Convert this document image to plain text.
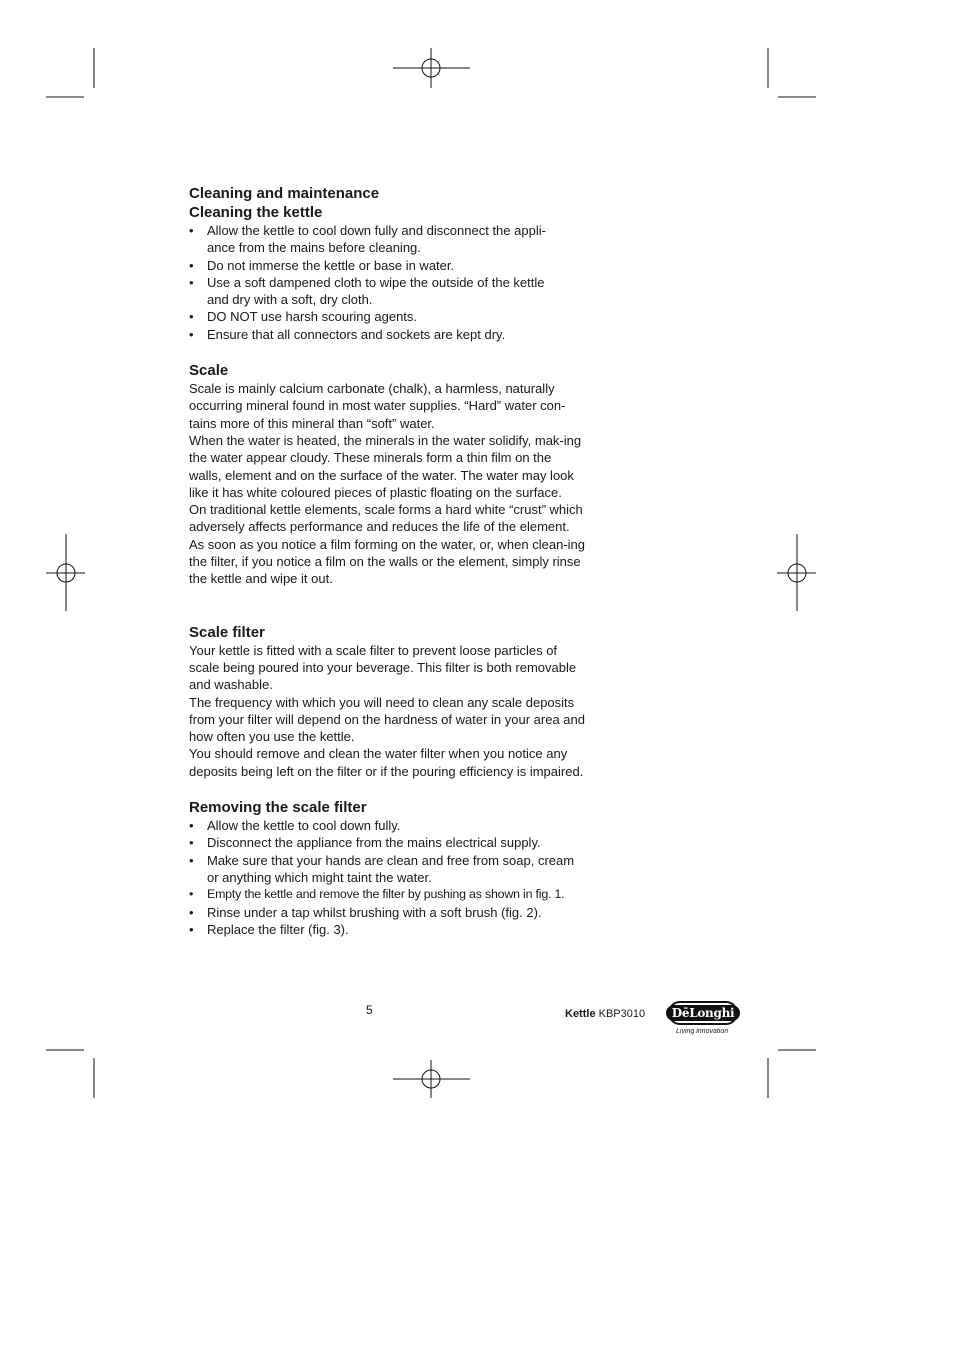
Cleaning and maintenance
Cleaning the kettle
• Allow the kettle to cool down fully and disconnect the appli-
ance from the mains before cleaning.
• Do not immerse the kettle or base in water.
• Use a soft dampened cloth to wipe the outside of the kettle
and dry with a soft, dry cloth.
• DO NOT use harsh scouring agents.
• Ensure that all connectors and sockets are kept dry.
Scale

Scale is mainly calcium carbonate (chalk), a harmless, naturally occurring mineral found in most water supplies. “Hard” water con-tains more of this mineral than “soft” water.

When the water is heated, the minerals in the water solidify, mak-ing the water appear cloudy. These minerals form a thin film on the walls, element and on the surface of the water. The water may look like it has white coloured pieces of plastic floating on the surface.

On traditional kettle elements, scale forms a hard white “crust” which adversely affects performance and reduces the life of the element.

As soon as you notice a film forming on the water, or, when clean-ing the filter, if you notice a film on the walls or the element, simply rinse the kettle and wipe it out.

Scale filter

Your kettle is fitted with a scale filter to prevent loose particles of scale being poured into your beverage. This filter is both removable and washable.

The frequency with which you will need to clean any scale deposits from your filter will depend on the hardness of water in your area and how often you use the kettle.

You should remove and clean the water filter when you notice any deposits being left on the filter or if the pouring efficiency is impaired.

Removing the scale filter
• Allow the kettle to cool down fully.
• Disconnect the appliance from the mains electrical supply.
• Make sure that your hands are clean and free from soap, cream or anything which might taint the water.
• Empty the kettle and remove the filter by pushing as shown in fig. 1.
• Rinse under a tap whilst brushing with a soft brush (fig. 2).
• Replace the filter (fig. 3).
5	Kettle KBP3010	DēLonghi
Living innovation
